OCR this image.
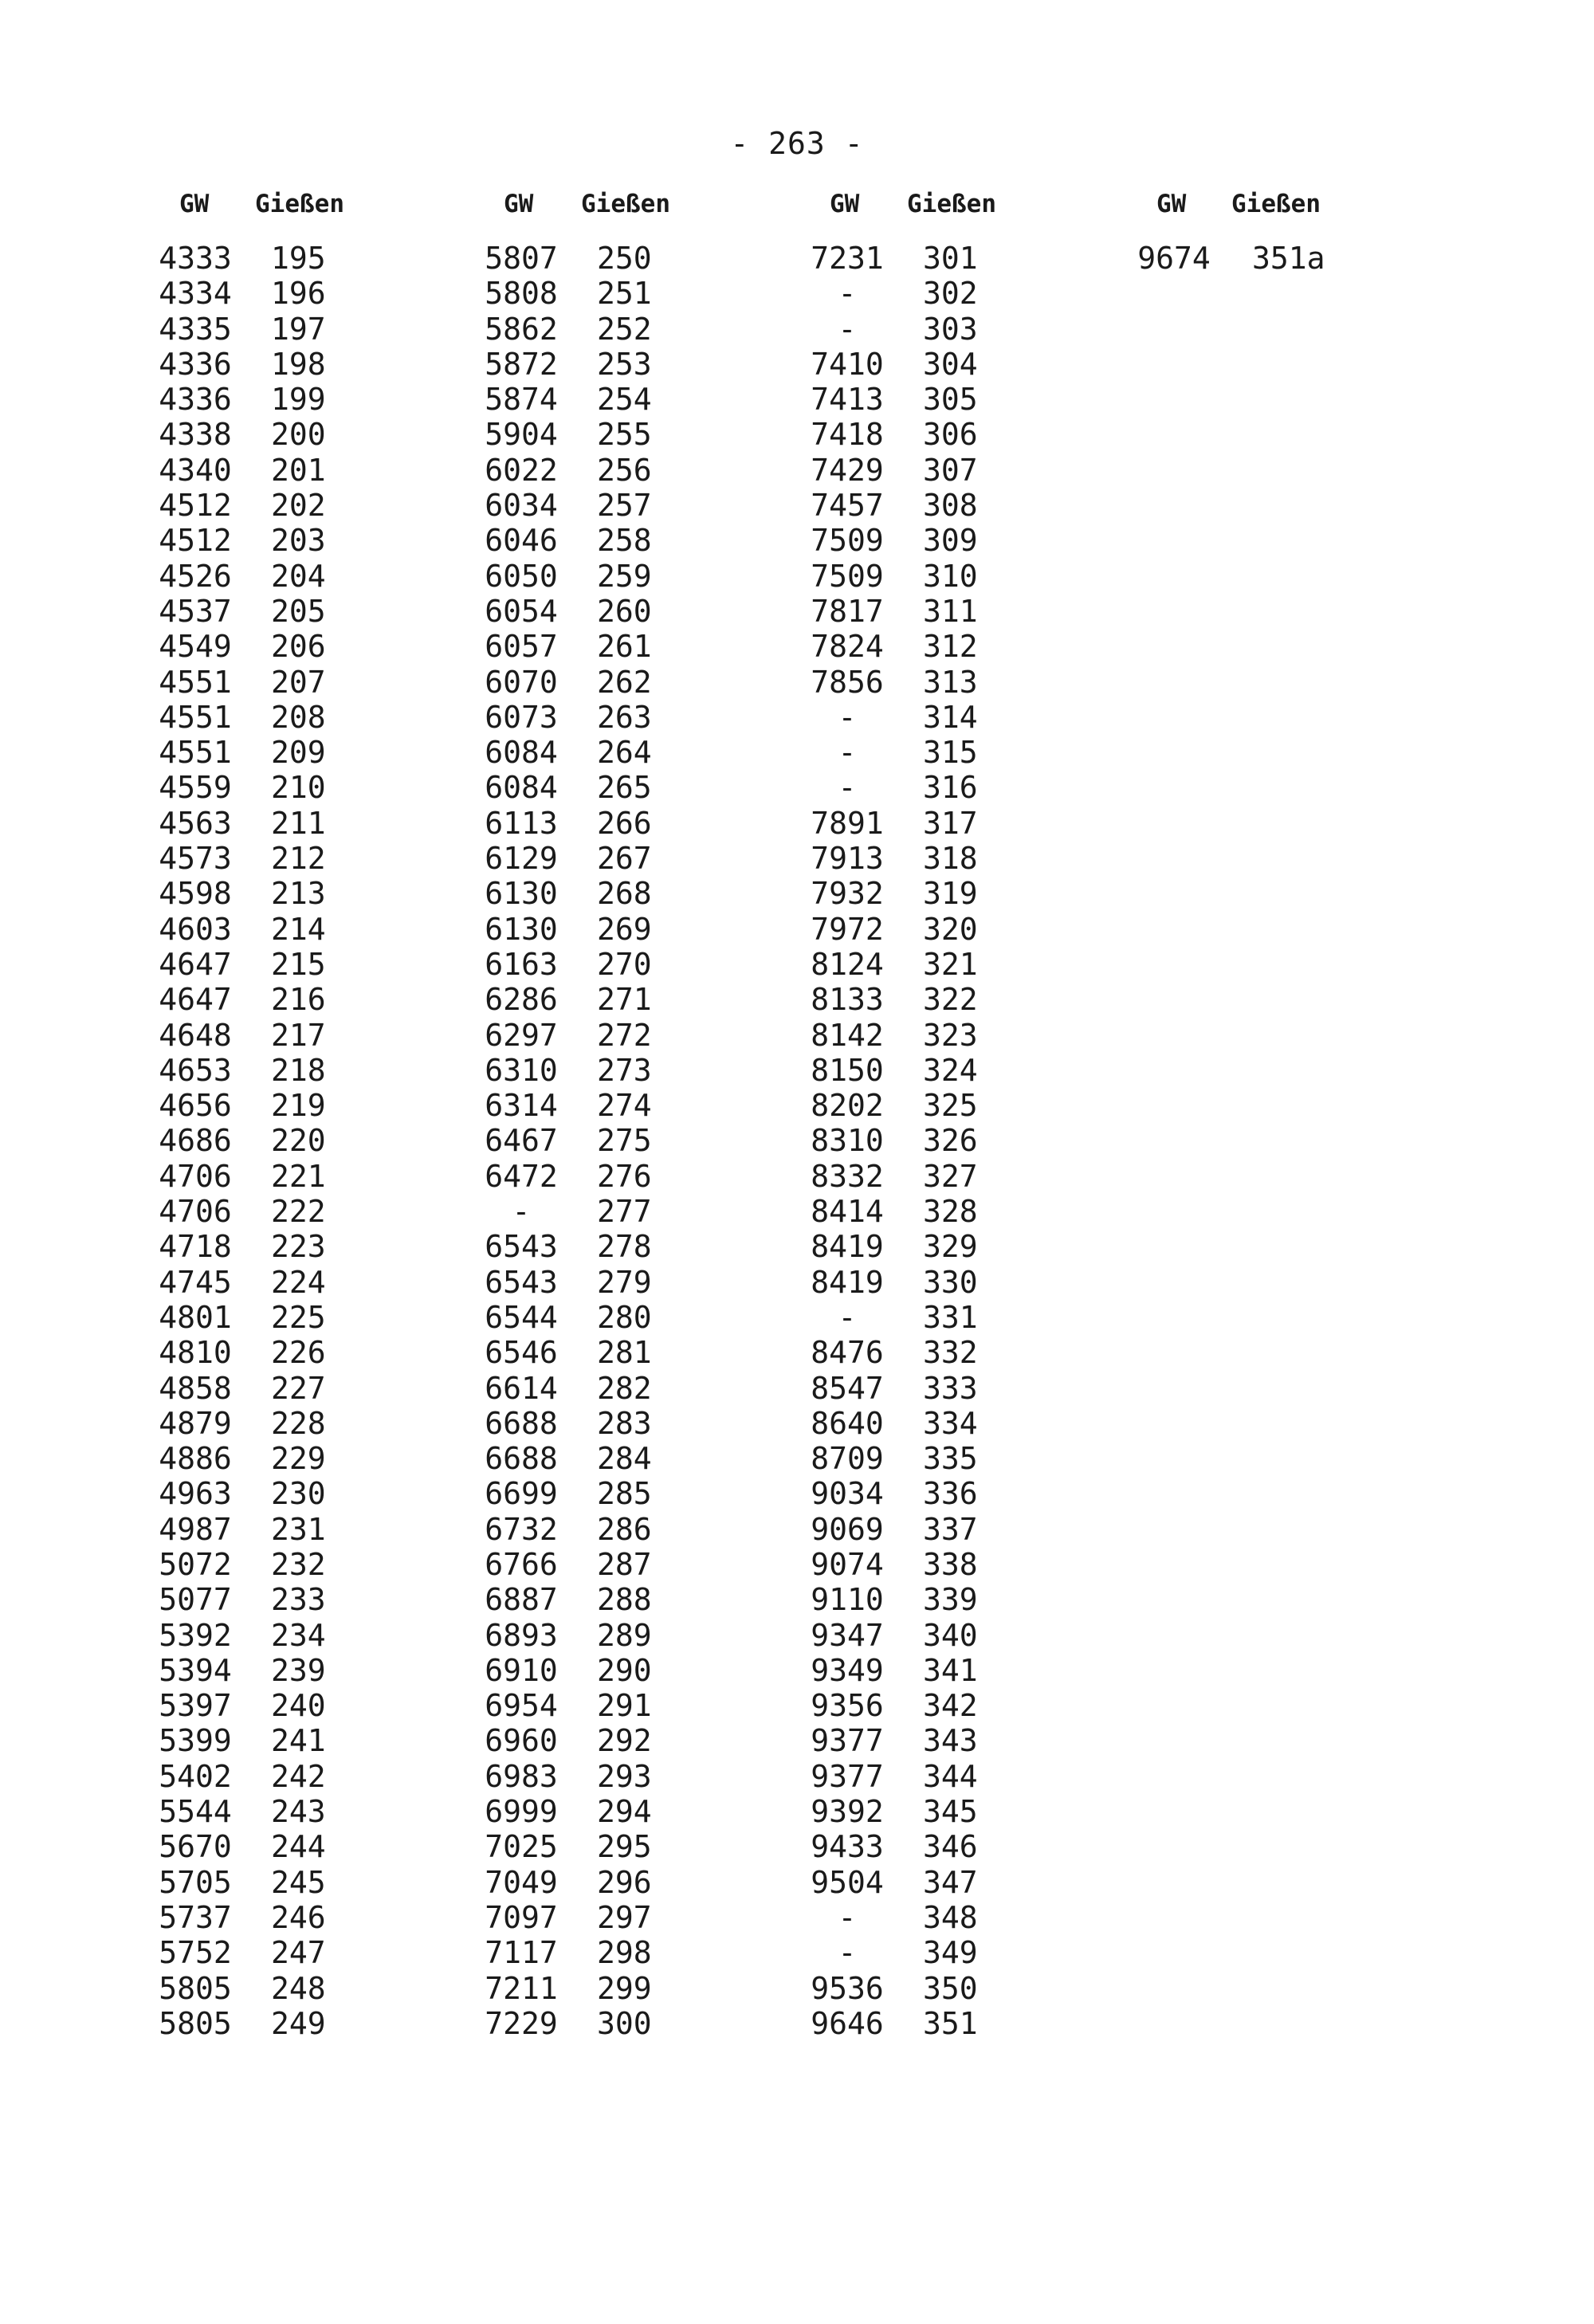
- 263 -
GW Gießen
4333 195
4334 196
4335 197
4336 198
4336 199
4338 200
4340 201
4512 202
4512 203
4526 204
4537 205
4549 206
4551 207
4551 208
4551 209
4559 210
4563 211
4573 212
4598 213
4603 214
4647 215
4647 216
4648 217
4653 218
4656 219
4686 220
4706 221
4706 222
4718 223
4745 224
4801 225
4810 226
4858 227
4879 228
4886 229
4963 230
4987 231
5072 232
5077 233
5392 234
5394 239
5397 240
5399 241
5402 242
5544 243
5670 244
5705 245
5737 246
5752 247
5805 248
5805 249
GW Gießen
5807 250
5808 251
5862 252
5872 253
5874 254
5904 255
6022 256
6034 257
6046 258
6050 259
6054 260
6057 261
6070 262
6073 263
6084 264
6084 265
6113 266
6129 267
6130 268
6130 269
6163 270
6286 271
6297 272
6310 273
6314 274
6467 275
6472 276
-	277
6543 278
6543 279
6544 280
6546 281
6614 282
6688 283
6688 284
6699 285
6732 286
6766 287
6887 288
6893 289
6910 290
6954 291
6960 292
6983 293
6999 294
7025 295
7049 296
7097 297
7117 298
7211 299
7229 300
GW Gießen
7231 301
-	302
-	303
7410 304
7413 305
7418 306
7429 307
7457 308
7509 309
7509 310
7817 311
7824 312
7856 313
-	314
-	315
-	316
7891 317
7913 318
7932 319
7972 320
8124 321
8133 322
8142 323
8150 324
8202 325
8310 326
8332 327
8414 328
8419 329
8419 330
-	331
8476 332
8547 333
8640 334
8709 335
9034 336
9069 337
9074 338
9110 339
9347 340
9349 341
9356 342
9377 343
9377 344
9392 345
9433 346
9504 347
-	348
-	349
9536 350
9646 351
GW Gießen
9674 351a
